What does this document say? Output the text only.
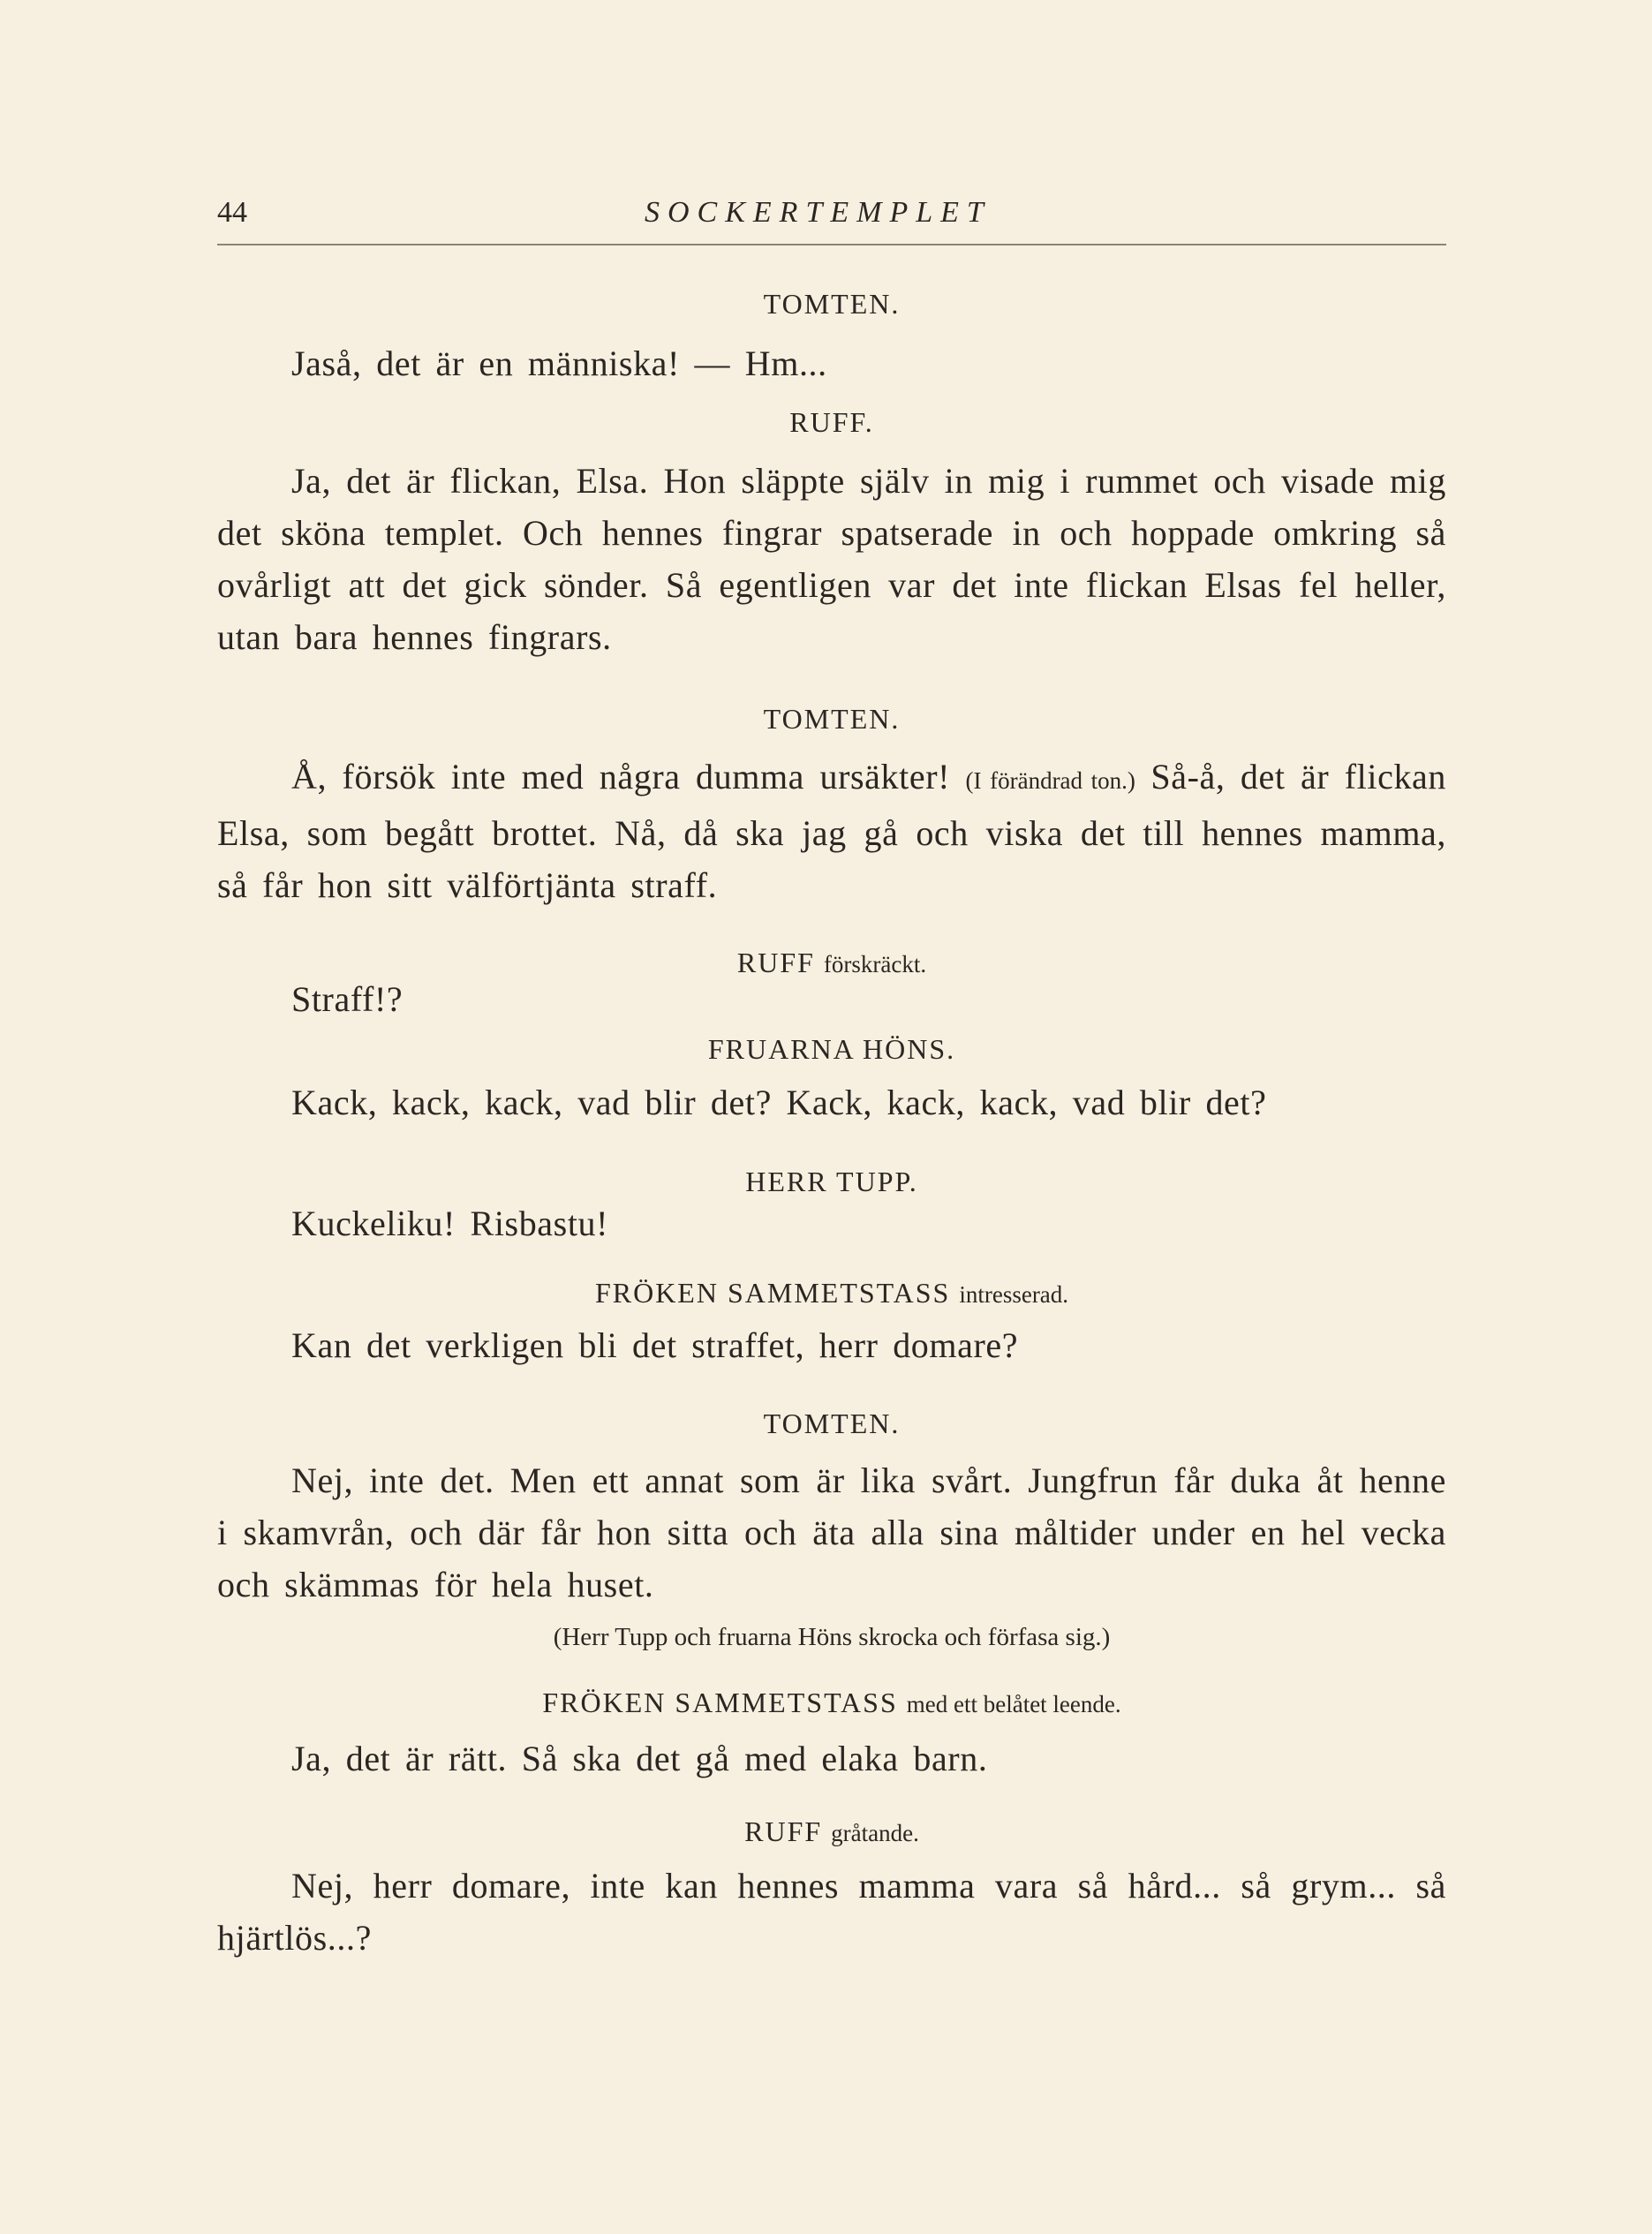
44	SOCKERTEMPLET
TOMTEN.
Jaså, det är en människa! — Hm...
RUFF.
Ja, det är flickan, Elsa. Hon släppte själv in mig i rummet och visade mig det sköna templet. Och hennes fingrar spatserade in och hoppade omkring så ovårligt att det gick sönder. Så egentligen var det inte flickan Elsas fel heller, utan bara hennes fingrars.
TOMTEN.
Å, försök inte med några dumma ursäkter! (I förändrad ton.) Så-å, det är flickan Elsa, som begått brottet. Nå, då ska jag gå och viska det till hennes mamma, så får hon sitt välförtjänta straff.
RUFF förskräckt.
Straff!?
FRUARNA HÖNS.
Kack, kack, kack, vad blir det? Kack, kack, kack, vad blir det?
HERR TUPP.
Kuckeliku! Risbastu!
FRÖKEN SAMMETSTASS intresserad.
Kan det verkligen bli det straffet, herr domare?
TOMTEN.
Nej, inte det. Men ett annat som är lika svårt. Jungfrun får duka åt henne i skamvrån, och där får hon sitta och äta alla sina måltider under en hel vecka och skämmas för hela huset.
(Herr Tupp och fruarna Höns skrocka och förfasa sig.)
FRÖKEN SAMMETSTASS med ett belåtet leende.
Ja, det är rätt. Så ska det gå med elaka barn.
RUFF gråtande.
Nej, herr domare, inte kan hennes mamma vara så hård... så grym... så hjärtlös...?
